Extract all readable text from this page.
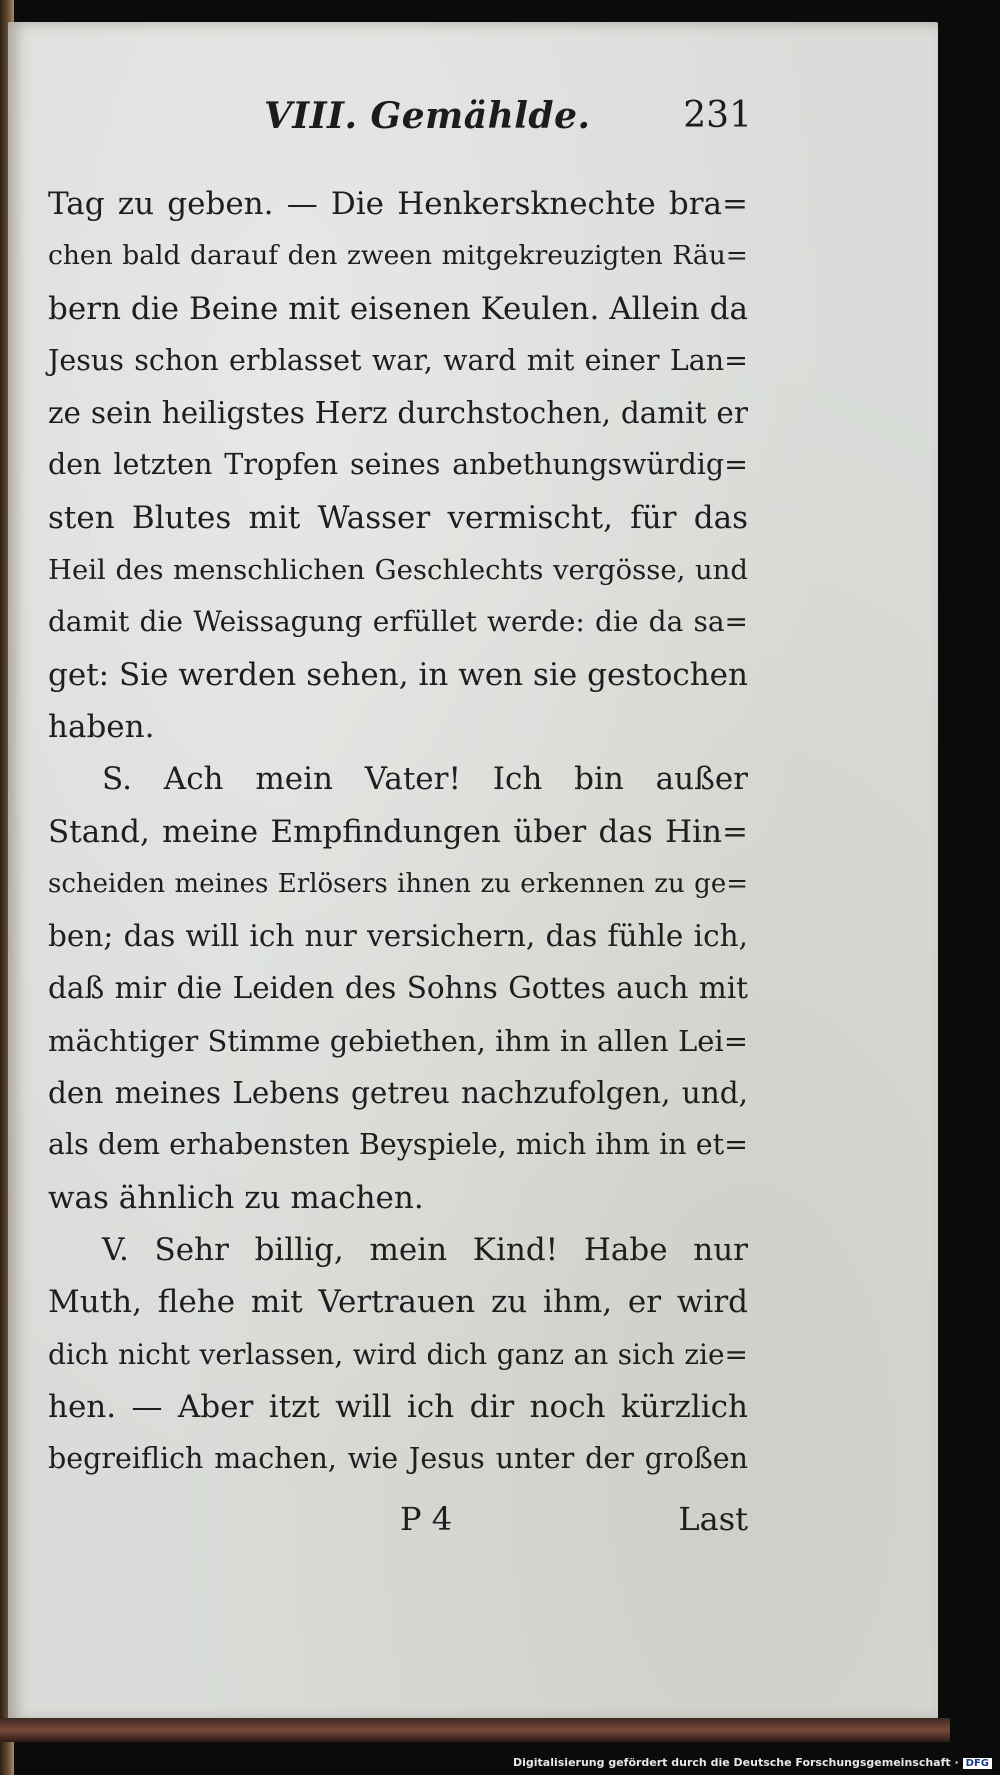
VIII. Gemählde.	231
Tag zu geben. — Die Henkersknechte bra=
chen bald darauf den zween mitgekreuzigten Räu=
bern die Beine mit eisenen Keulen. Allein da
Jesus schon erblasset war, ward mit einer Lan=
ze sein heiligstes Herz durchstochen, damit er
den letzten Tropfen seines anbethungswürdig=
sten Blutes mit Wasser vermischt, für das
Heil des menschlichen Geschlechts vergösse, und
damit die Weissagung erfüllet werde: die da sa=
get: Sie werden sehen, in wen sie gestochen
haben.
S. Ach mein Vater! Ich bin außer
Stand, meine Empfindungen über das Hin=
scheiden meines Erlösers ihnen zu erkennen zu ge=
ben; das will ich nur versichern, das fühle ich,
daß mir die Leiden des Sohns Gottes auch mit
mächtiger Stimme gebiethen, ihm in allen Lei=
den meines Lebens getreu nachzufolgen, und,
als dem erhabensten Beyspiele, mich ihm in et=
was ähnlich zu machen.
V. Sehr billig, mein Kind! Habe nur
Muth, flehe mit Vertrauen zu ihm, er wird
dich nicht verlassen, wird dich ganz an sich zie=
hen. — Aber itzt will ich dir noch kürzlich
begreiflich machen, wie Jesus unter der großen
P 4	Last
Digitalisierung gefördert durch die Deutsche Forschungsgemeinschaft · DFG
